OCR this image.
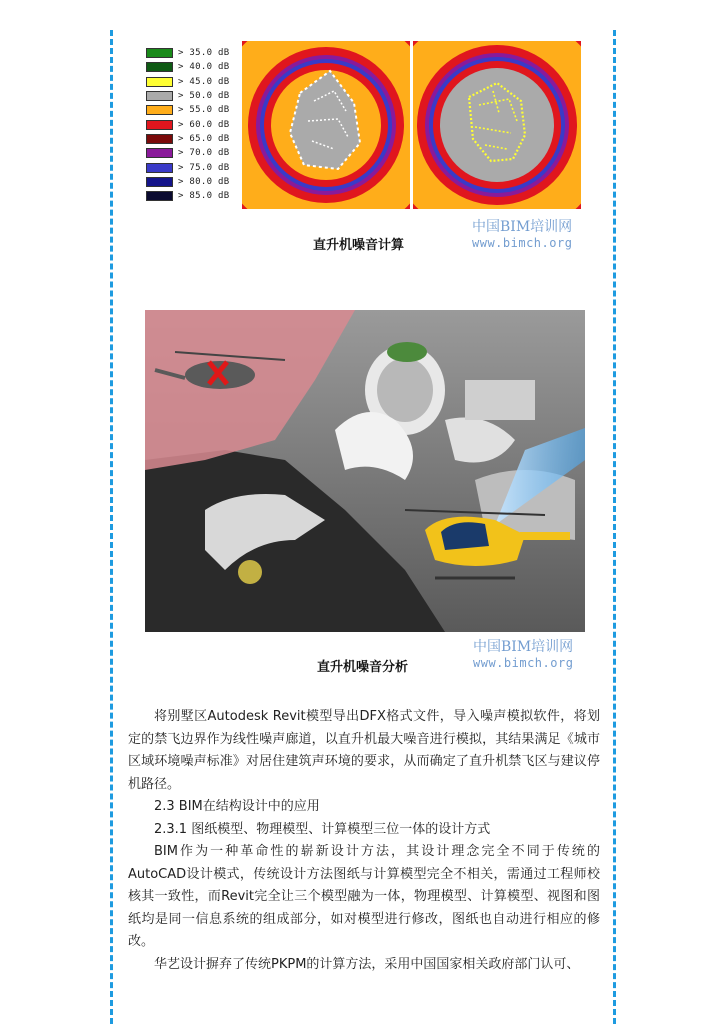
> 35.0 dB
> 40.0 dB
> 45.0 dB
> 50.0 dB
> 55.0 dB
> 60.0 dB
> 65.0 dB
> 70.0 dB
> 75.0 dB
> 80.0 dB
> 85.0 dB
直升机噪音计算
中国BIM培训网
www.bimch.org
直升机噪音分析
中国BIM培训网
www.bimch.org

将别墅区Autodesk Revit模型导出DFX格式文件，导入噪声模拟软件，将划定的禁飞边界作为线性噪声廊道，以直升机最大噪音进行模拟，其结果满足《城市区域环境噪声标准》对居住建筑声环境的要求，从而确定了直升机禁飞区与建议停机路径。

2.3 BIM在结构设计中的应用

2.3.1 图纸模型、物理模型、计算模型三位一体的设计方式

BIM作为一种革命性的崭新设计方法，其设计理念完全不同于传统的AutoCAD设计模式，传统设计方法图纸与计算模型完全不相关，需通过工程师校核其一致性，而Revit完全让三个模型融为一体，物理模型、计算模型、视图和图纸均是同一信息系统的组成部分，如对模型进行修改，图纸也自动进行相应的修改。

华艺设计摒弃了传统PKPM的计算方法，采用中国国家相关政府部门认可、
